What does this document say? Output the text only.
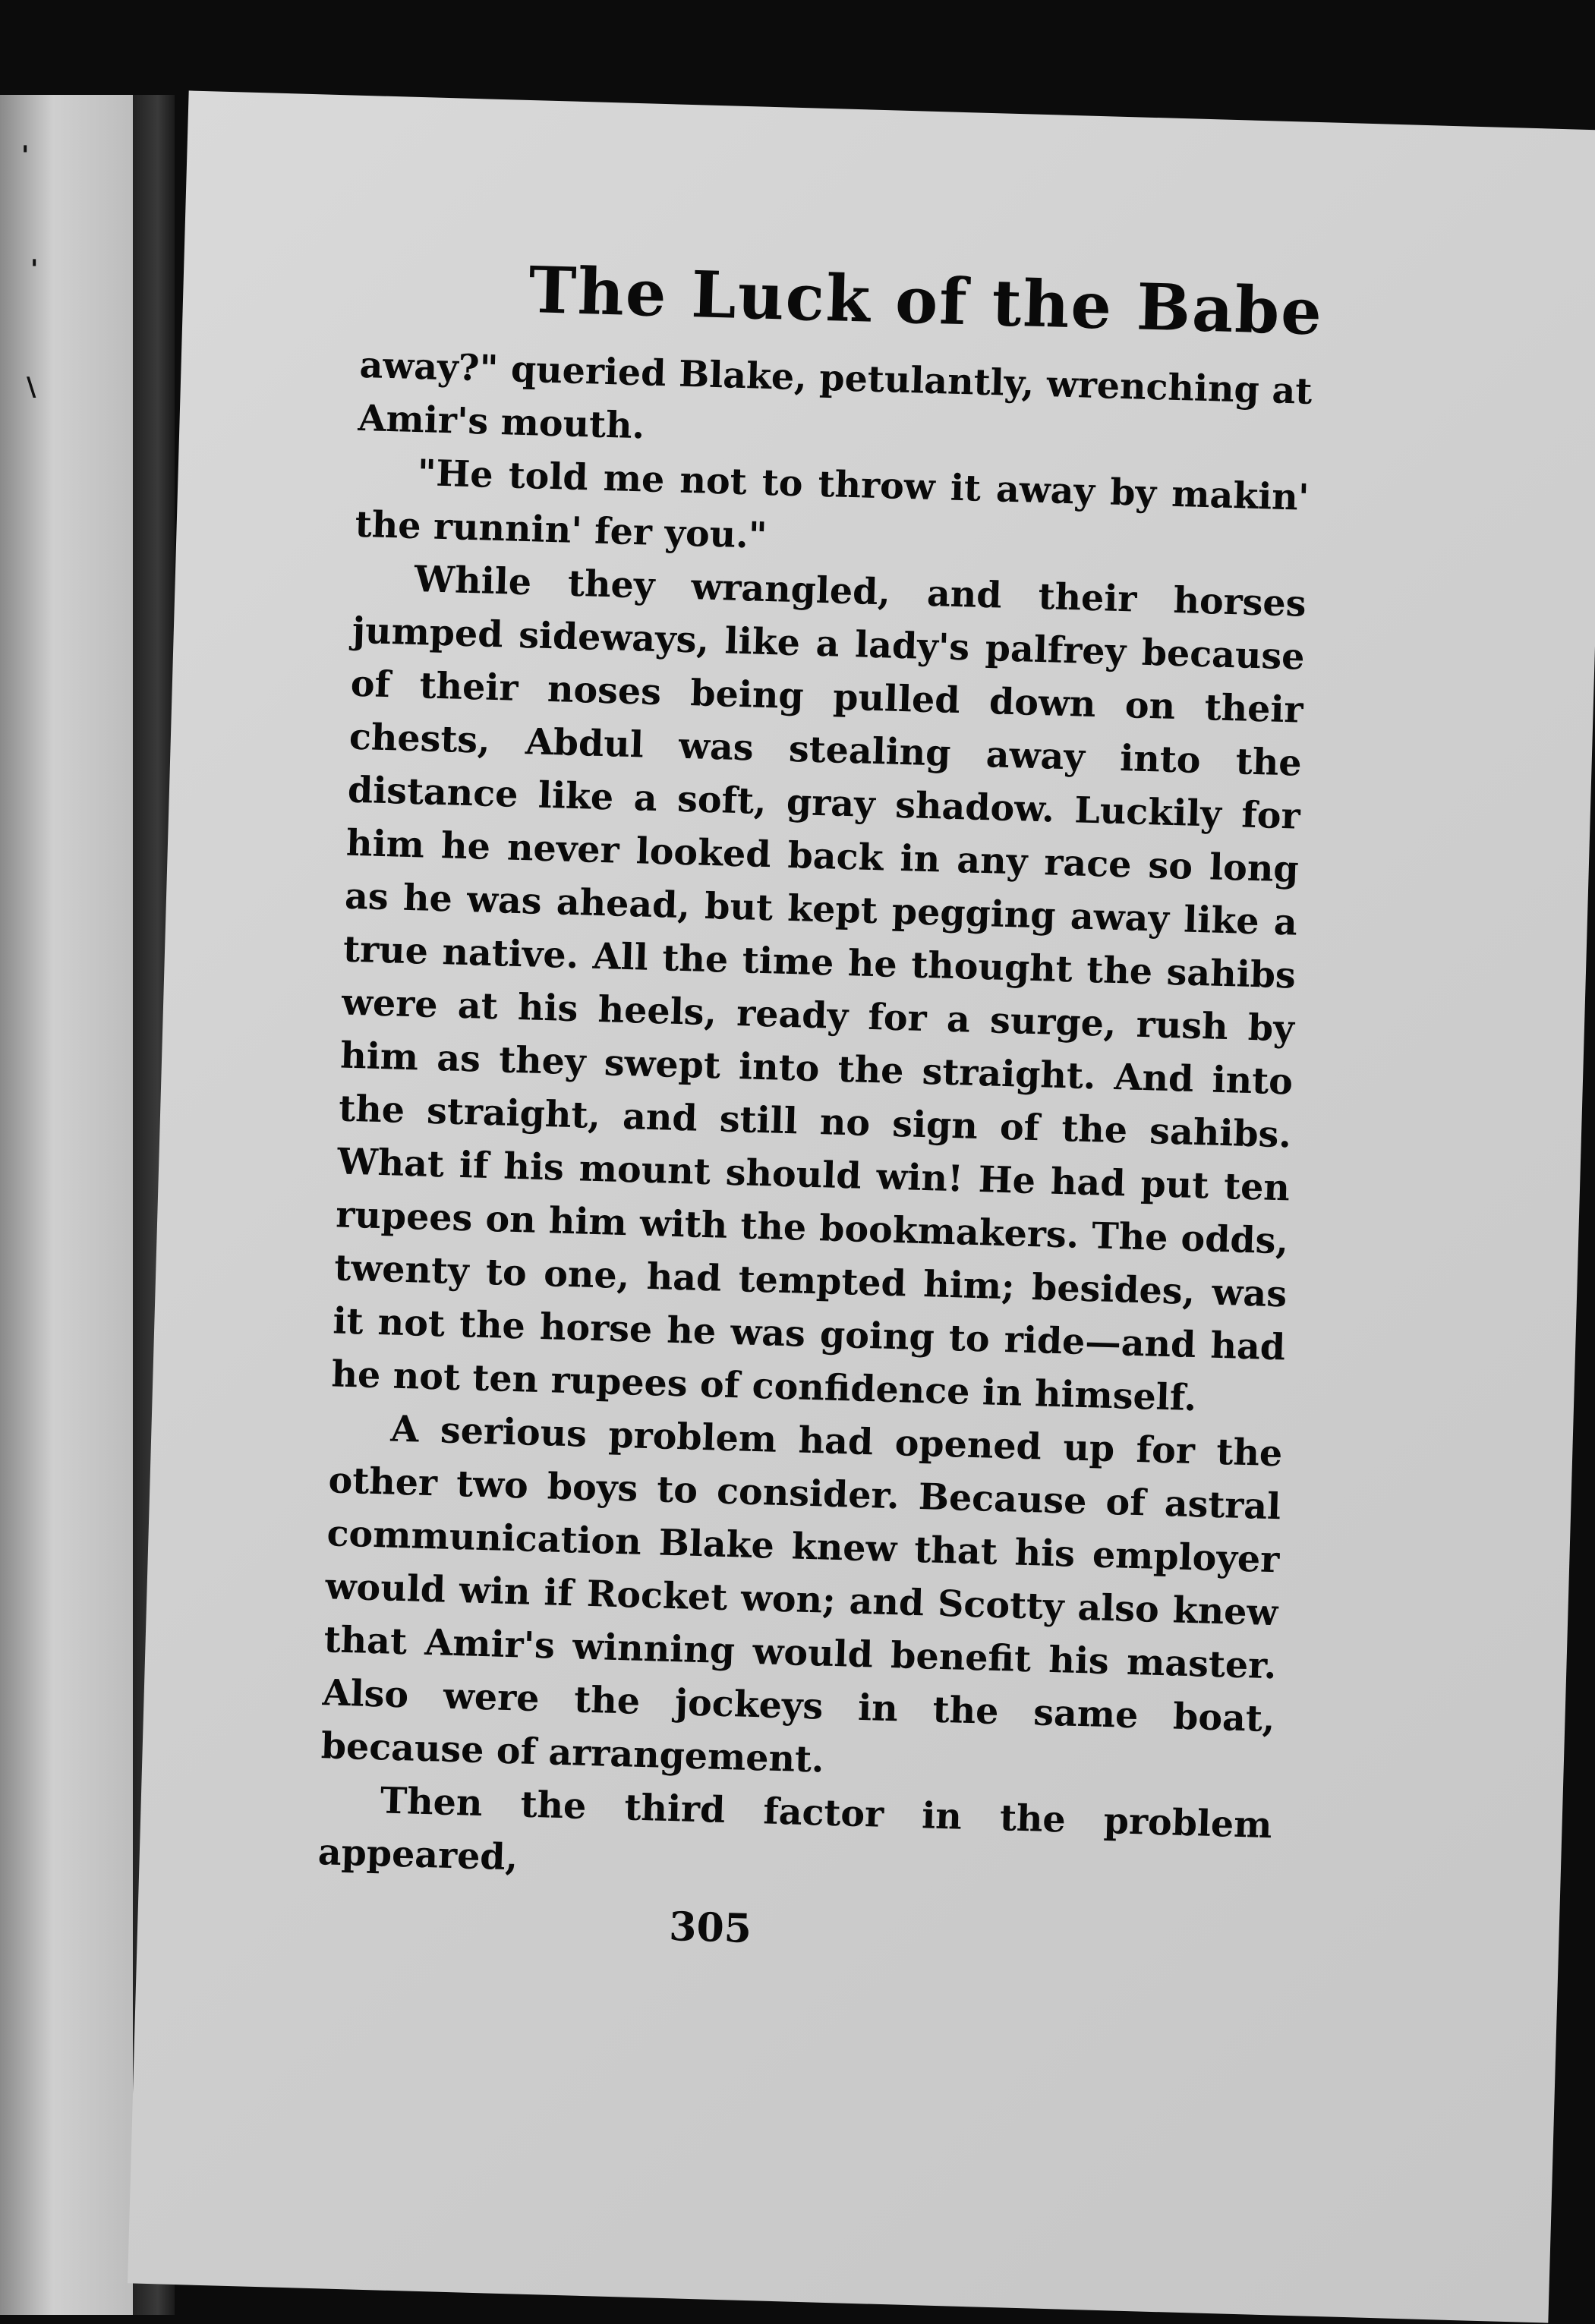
'
'
\
The Luck of the Babe

away?" queried Blake, petulantly, wrenching at Amir's mouth.

"He told me not to throw it away by makin' the runnin' fer you."

While they wrangled, and their horses jumped sideways, like a lady's palfrey because of their noses being pulled down on their chests, Abdul was stealing away into the distance like a soft, gray shadow. Luckily for him he never looked back in any race so long as he was ahead, but kept pegging away like a true native. All the time he thought the sahibs were at his heels, ready for a surge, rush by him as they swept into the straight. And into the straight, and still no sign of the sahibs. What if his mount should win! He had put ten rupees on him with the bookmakers. The odds, twenty to one, had tempted him; besides, was it not the horse he was going to ride—and had he not ten rupees of confidence in himself.

A serious problem had opened up for the other two boys to consider. Because of astral communication Blake knew that his employer would win if Rocket won; and Scotty also knew that Amir's winning would benefit his master. Also were the jockeys in the same boat, because of arrangement.

Then the third factor in the problem appeared,

305
